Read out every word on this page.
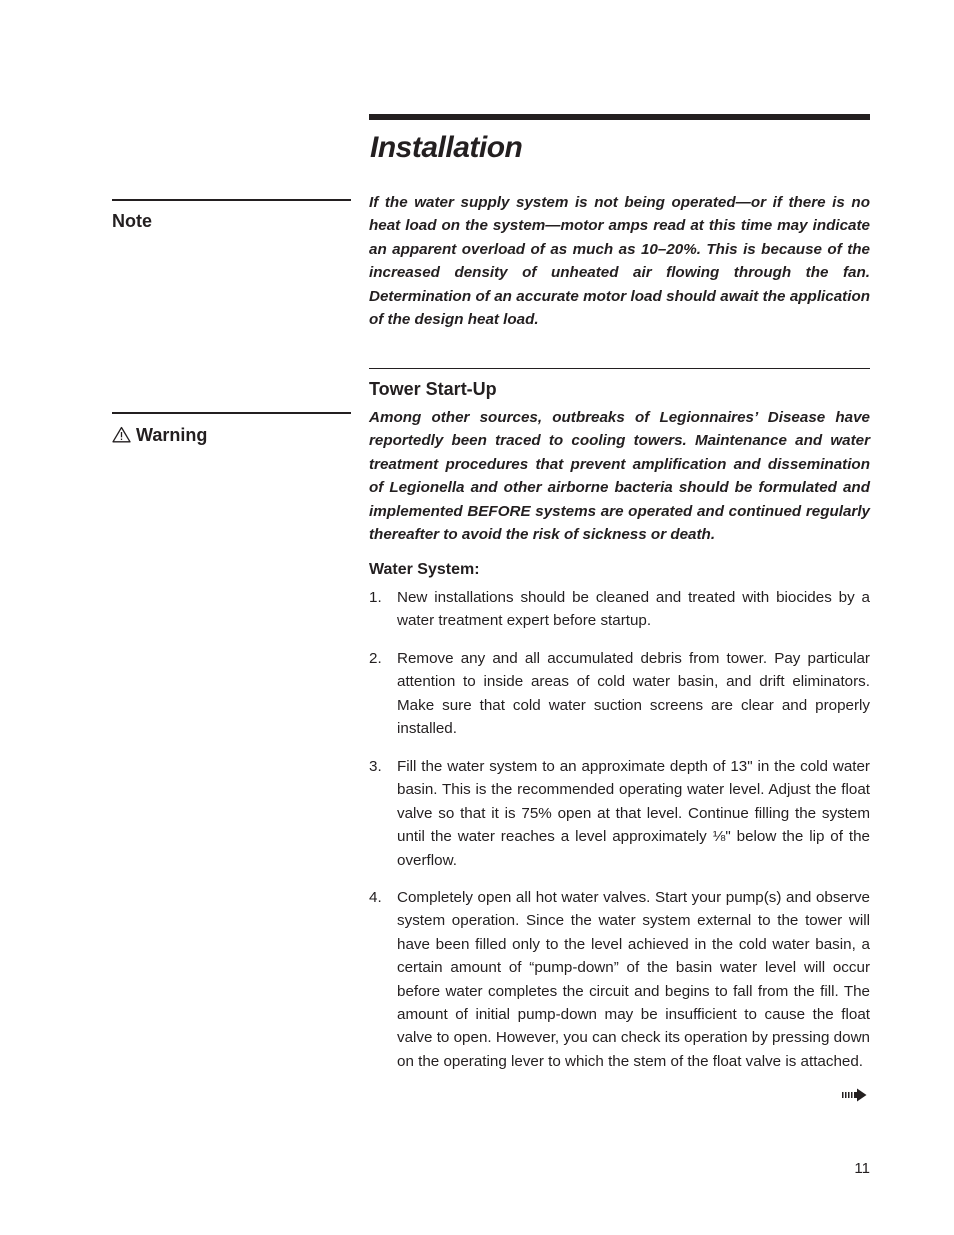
Installation

Note

If the water supply system is not being operated—or if there is no heat load on the system—motor amps read at this time may indicate an apparent overload of as much as 10–20%. This is because of the increased density of unheated air flowing through the fan. Determination of an accurate motor load should await the application of the design heat load.

Tower Start-Up

Warning

Among other sources, outbreaks of Legionnaires’ Disease have reportedly been traced to cooling towers. Maintenance and water treatment procedures that prevent amplification and dissemination of Legionella and other airborne bacteria should be formulated and implemented BEFORE systems are operated and continued regularly thereafter to avoid the risk of sickness or death.

Water System:
1. New installations should be cleaned and treated with biocides by a water treatment expert before startup.
2. Remove any and all accumulated debris from tower. Pay particular attention to inside areas of cold water basin, and drift eliminators. Make sure that cold water suction screens are clear and properly installed.
3. Fill the water system to an approximate depth of 13" in the cold water basin. This is the recommended operating water level. Adjust the float valve so that it is 75% open at that level. Continue filling the system until the water reaches a level approximately ⅛" below the lip of the overflow.
4. Completely open all hot water valves. Start your pump(s) and observe system operation. Since the water system external to the tower will have been filled only to the level achieved in the cold water basin, a certain amount of “pump-down” of the basin water level will occur before water completes the circuit and begins to fall from the fill. The amount of initial pump-down may be insufficient to cause the float valve to open. However, you can check its operation by pressing down on the operating lever to which the stem of the float valve is attached.
11
